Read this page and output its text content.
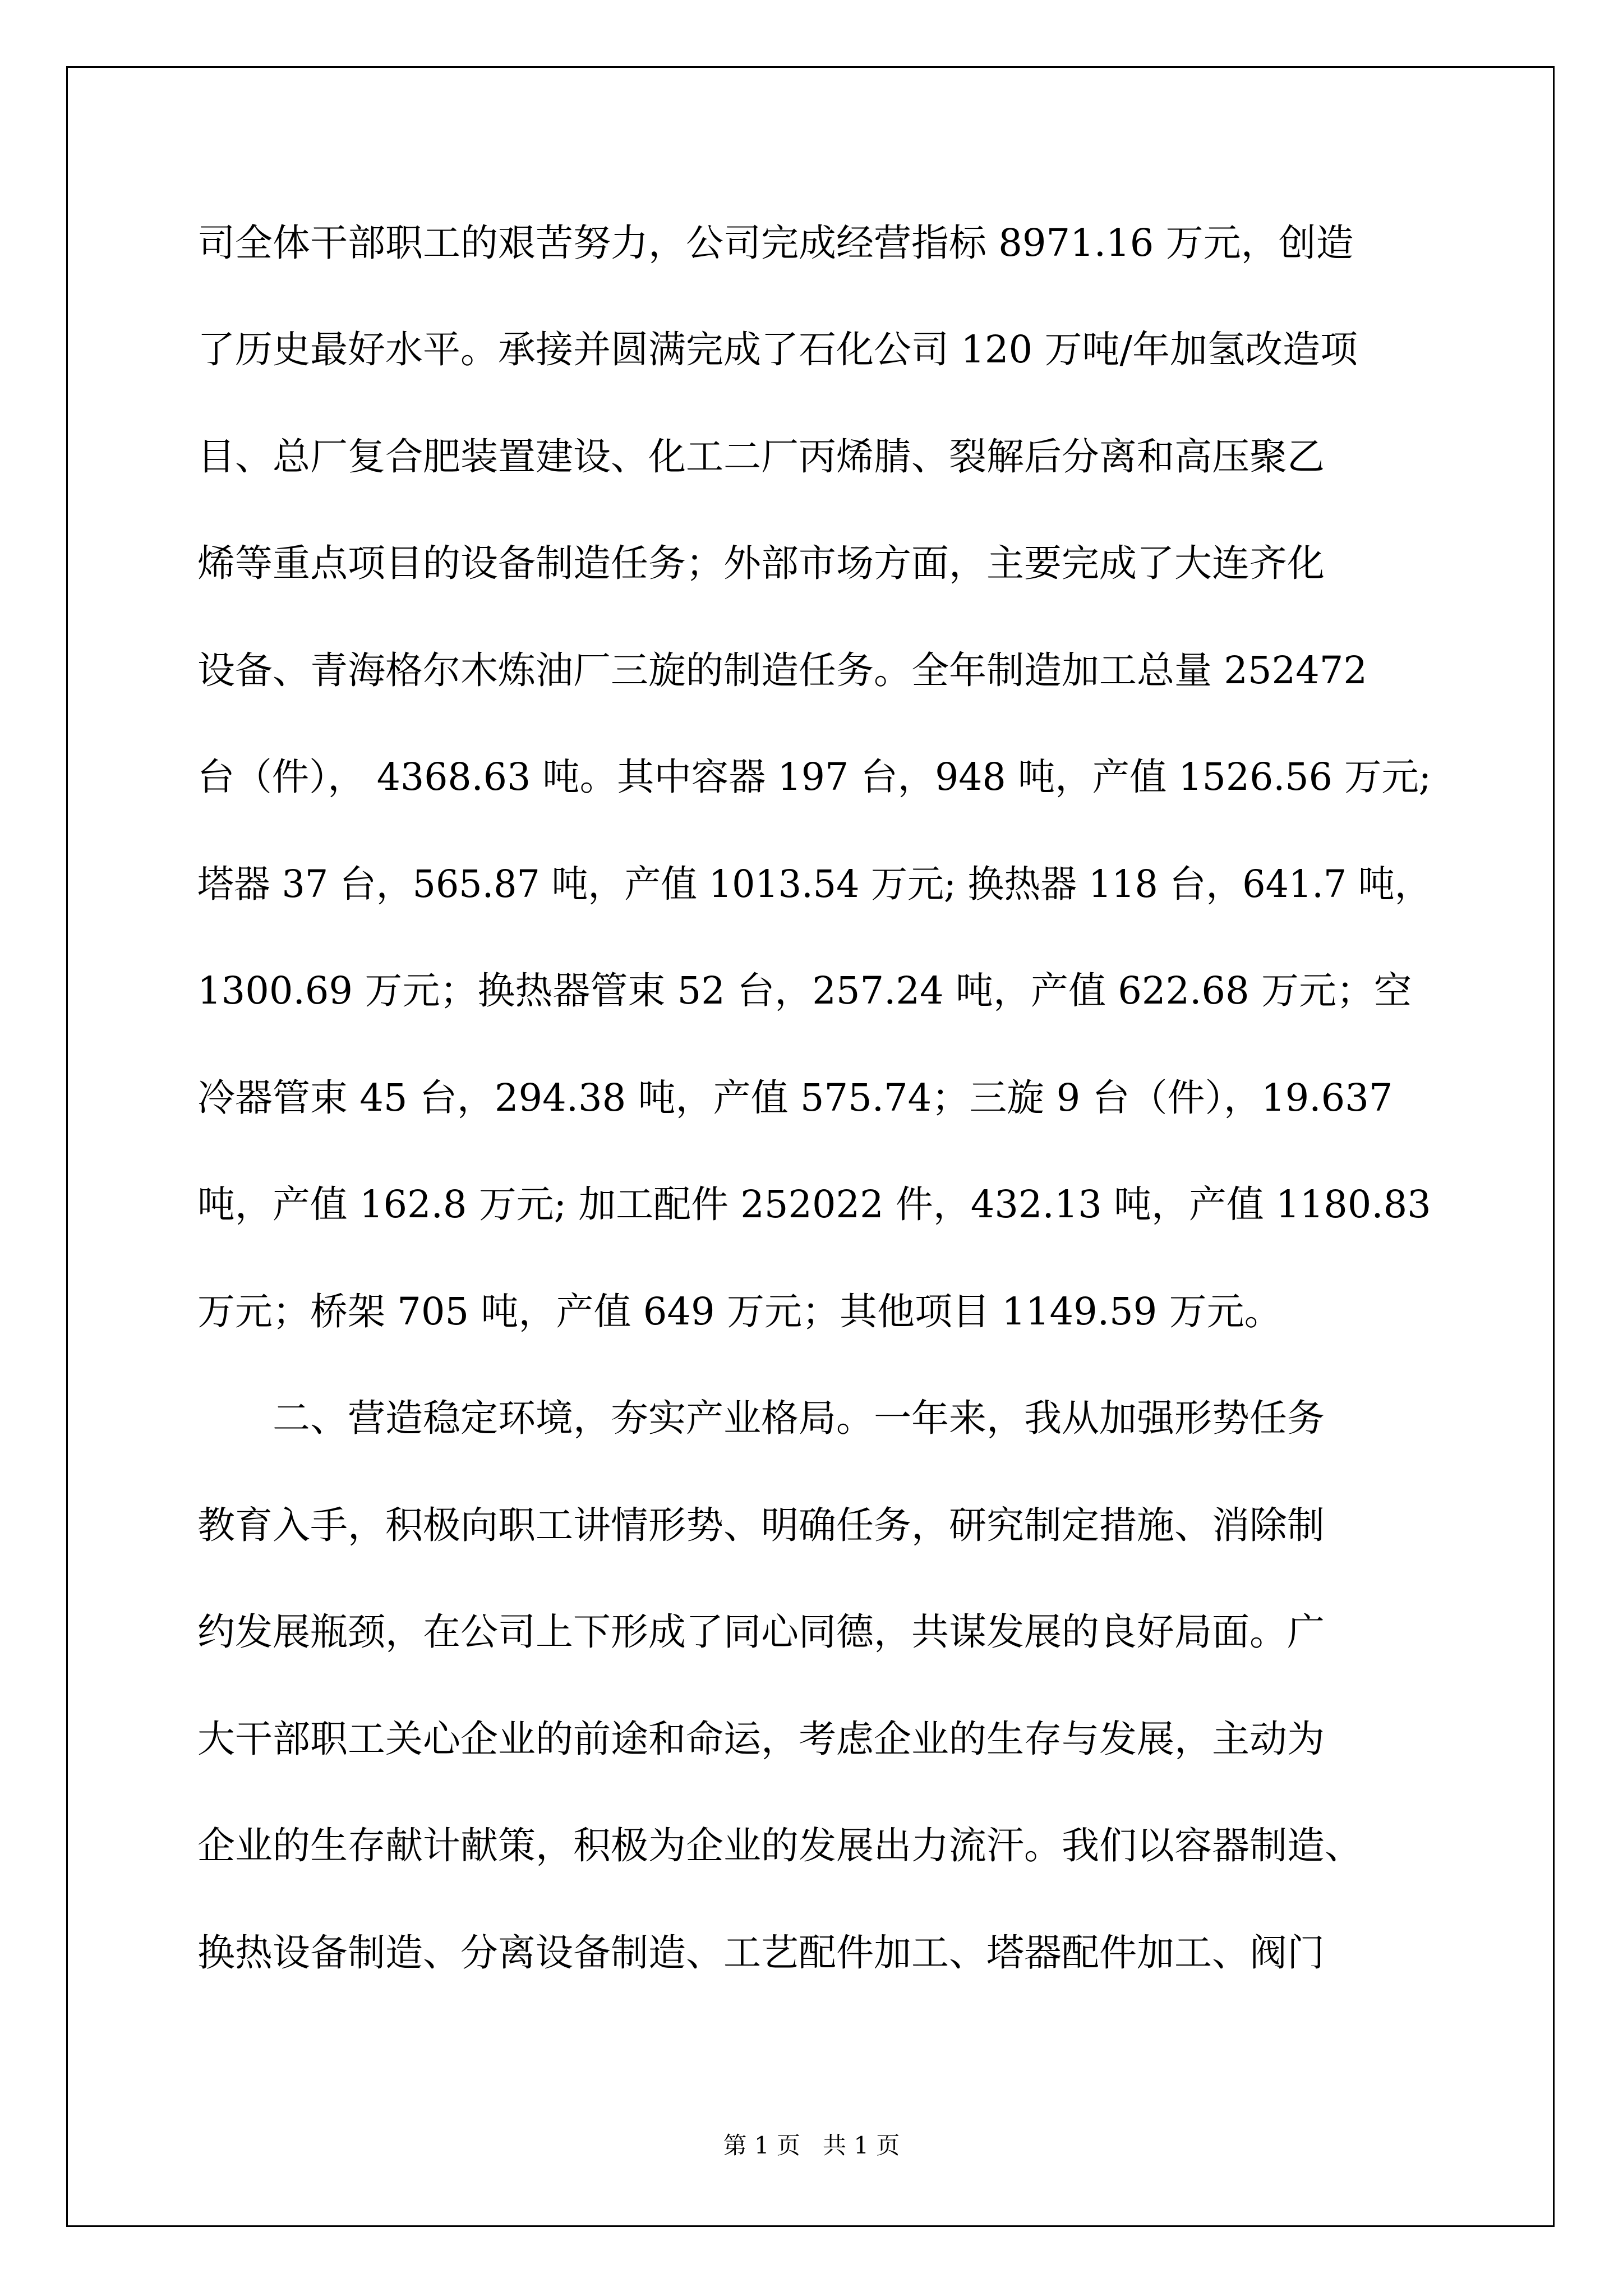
司全体干部职工的艰苦努力，公司完成经营指标 8971.16 万元，创造
了历史最好水平。承接并圆满完成了石化公司 120 万吨/年加氢改造项
目、总厂复合肥装置建设、化工二厂丙烯腈、裂解后分离和高压聚乙
烯等重点项目的设备制造任务；外部市场方面，主要完成了大连齐化
设备、青海格尔木炼油厂三旋的制造任务。全年制造加工总量 252472
台（件）， 4368.63 吨。其中容器 197 台，948 吨，产值 1526.56 万元;
塔器 37 台，565.87 吨，产值 1013.54 万元; 换热器 118 台，641.7 吨，
1300.69 万元；换热器管束 52 台，257.24 吨，产值 622.68 万元；空
冷器管束 45 台，294.38 吨，产值 575.74；三旋 9 台（件），19.637
吨，产值 162.8 万元; 加工配件 252022 件，432.13 吨，产值 1180.83
万元；桥架 705 吨，产值 649 万元；其他项目 1149.59 万元。
　　二、营造稳定环境，夯实产业格局。一年来，我从加强形势任务
教育入手，积极向职工讲情形势、明确任务，研究制定措施、消除制
约发展瓶颈，在公司上下形成了同心同德，共谋发展的良好局面。广
大干部职工关心企业的前途和命运，考虑企业的生存与发展，主动为
企业的生存献计献策，积极为企业的发展出力流汗。我们以容器制造、
换热设备制造、分离设备制造、工艺配件加工、塔器配件加工、阀门
第 1 页 共 1 页
